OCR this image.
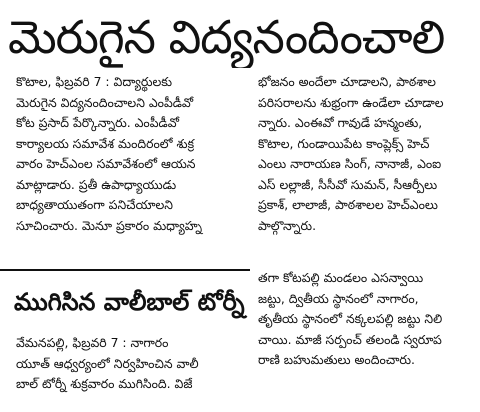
మెరుగైన విద్యనందించాలి
కొటాల, ఫిబ్రవరి 7 : విద్యార్థులకు
మెరుగైన విద్యనందించాలని ఎంపీడీవో
కోట ప్రసాద్ పేర్కొన్నారు. ఎంపీడీవో
కార్యాలయ సమావేశ మందిరంలో శుక్ర
వారం హెచ్ఎంల సమావేశంలో ఆయన
మాట్లాడారు. ప్రతీ ఉపాధ్యాయుడు
బాధ్యతాయుతంగా పనిచేయాలని
సూచించారు. మెనూ ప్రకారం మధ్యాహ్న
భోజనం అందేలా చూడాలని, పాఠశాల
పరిసరాలను శుభ్రంగా ఉండేలా చూడాల
న్నారు. ఎంఈవో గావుడే హన్మంతు,
కొటాల, గుండాయిపేట కాంప్లెక్స్ హెచ్
ఎంలు నారాయణ సింగ్, నానాజీ, ఎంఐ
ఎస్ లల్లాజీ, సీసీవో సుమన్, సీఆర్పీలు
ప్రకాశ్, లాలాజీ, పాఠశాలల హెచ్ఎంలు
పాల్గొన్నారు.
ముగిసిన వాలీబాల్ టోర్నీ
వేమనపల్లి, ఫిబ్రవరి 7 : నాగారం
యూత్ ఆధ్వర్యంలో నిర్వహించిన వాలీ
బాల్ టోర్నీ శుక్రవారం ముగిసింది. విజే
తగా కోటపల్లి మండలం ఎసన్వాయి
జట్టు, ద్వితీయ స్థానంలో నాగారం,
తృతీయ స్థానంలో నక్కలపల్లి జట్టు నిలి
చాయి. మాజీ సర్పంచ్ తలండి స్వరూప
రాణి బహుమతులు అందించారు.
